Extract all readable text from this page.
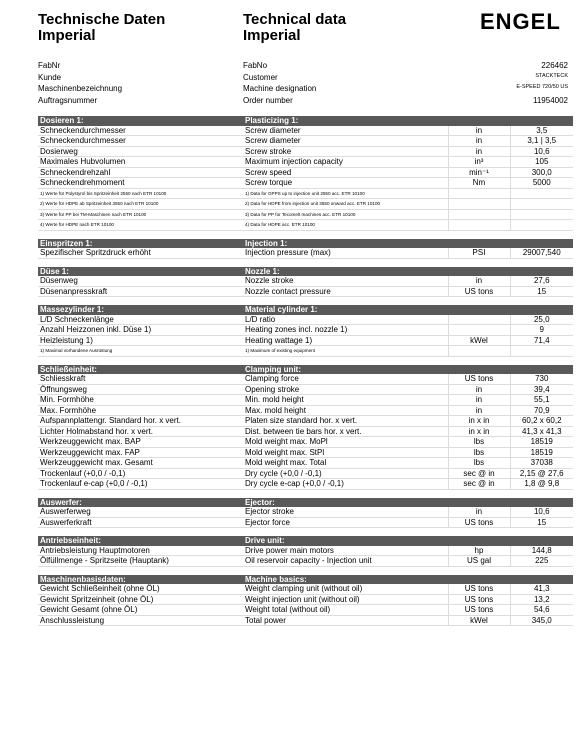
Technische Daten
Imperial
Technical data
Imperial
ENGEL
FabNr	FabNo	226462
Kunde	Customer	STACKTECK
Maschinenbezeichnung	Machine designation	E-SPEED 720/50 US
Auftragsnummer	Order number	11954002
Dosieren 1:	Plasticizing 1:		
Schneckendurchmesser	Screw diameter	in	3,5
Schneckendurchmesser	Screw diameter	in	3,1 | 3,5
Dosierweg	Screw stroke	in	10,6
Maximales Hubvolumen	Maximum injection capacity	in³	105
Schneckendrehzahl	Screw speed	min⁻¹	300,0
Schneckendrehmoment	Screw torque	Nm	5000
1) Werte für Polystyrol bis Spritzeinheit 2550 nach ETR 10100	1) Data for GPPS up to injection unit 2550 acc. ETR 10100		
2) Werte für HDPE ab Spritzeinheit 3550 nach ETR 10100	2) Data for HDPE from injection unit 3550 onward acc. ETR 10100		
3) Werte für PP bei TM-Maschinen nach ETR 10100	3) Data for PP for Tecomelt machines acc. ETR 10100		
4) Werte für HDPE nach ETR 10100	4) Data for HDPE acc. ETR 10100		

Einspritzen 1:	Injection 1:		
Spezifischer Spritzdruck erhöht	Injection pressure (max)	PSI	29007,540

Düse 1:	Nozzle 1:		
Düsenweg	Nozzle stroke	in	27,6
Düsenanpresskraft	Nozzle contact pressure	US tons	15

Massezylinder 1:	Material cylinder 1:		
L/D Schneckenlänge	L/D ratio		25,0
Anzahl Heizzonen inkl. Düse 1)	Heating zones incl. nozzle 1)		9
Heizleistung 1)	Heating wattage 1)	kWel	71,4
1) Maximal vorhandene Ausrüstung	1) Maximum of existing equipment		

Schließeinheit:	Clamping unit:		
Schliesskraft	Clamping force	US tons	730
Öffnungsweg	Opening stroke	in	39,4
Min. Formhöhe	Min. mold height	in	55,1
Max. Formhöhe	Max. mold height	in	70,9
Aufspannplattengr. Standard hor. x vert.	Platen size standard hor. x vert.	in x in	60,2 x 60,2
Lichter Holmabstand hor. x vert.	Dist. between tie bars hor. x vert.	in x in	41,3 x 41,3
Werkzeuggewicht max. BAP	Mold weight max. MoPl	lbs	18519
Werkzeuggewicht max. FAP	Mold weight max. StPl	lbs	18519
Werkzeuggewicht max. Gesamt	Mold weight max. Total	lbs	37038
Trockenlauf (+0,0 / -0,1)	Dry cycle (+0,0 / -0,1)	sec @ in	2,15 @ 27,6
Trockenlauf e-cap (+0,0 / -0,1)	Dry cycle e-cap (+0,0 / -0,1)	sec @ in	1,8 @ 9,8

Auswerfer:	Ejector:		
Auswerferweg	Ejector stroke	in	10,6
Auswerferkraft	Ejector force	US tons	15

Antriebseinheit:	Drive unit:		
Antriebsleistung Hauptmotoren	Drive power main motors	hp	144,8
Ölfüllmenge - Spritzseite (Hauptank)	Oil reservoir capacity - Injection unit	US gal	225

Maschinenbasisdaten:	Machine basics:		
Gewicht Schließeinheit (ohne ÖL)	Weight clamping unit (without oil)	US tons	41,3
Gewicht Spritzeinheit (ohne ÖL)	Weight injection unit (without oil)	US tons	13,2
Gewicht Gesamt (ohne ÖL)	Weight total (without oil)	US tons	54,6
Anschlussleistung	Total power	kWel	345,0
